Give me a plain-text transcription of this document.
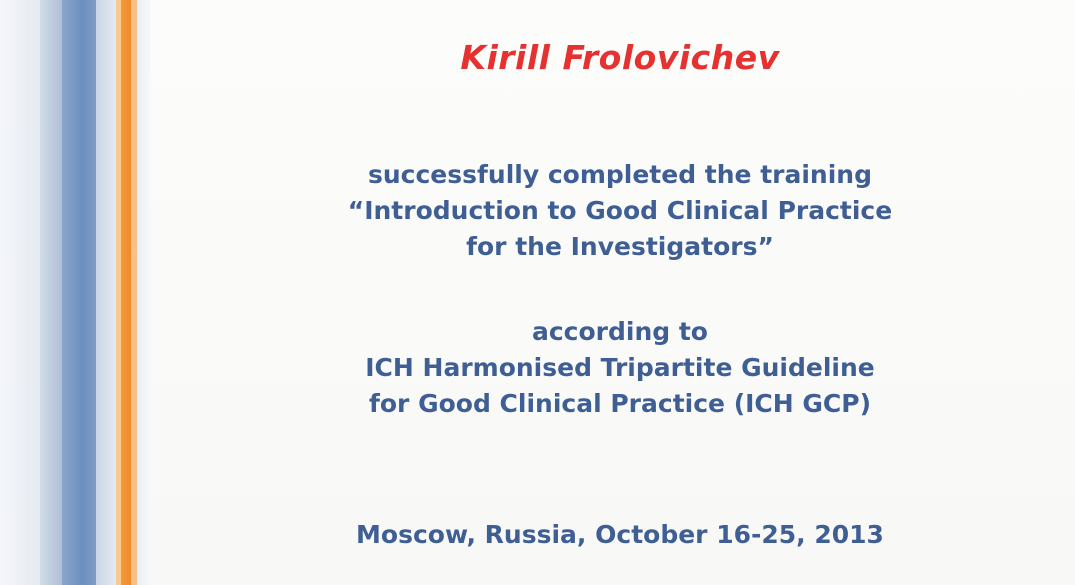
Kirill Frolovichev

successfully completed the training

“Introduction to Good Clinical Practice

for the Investigators”

according to

ICH Harmonised Tripartite Guideline

for Good Clinical Practice (ICH GCP)

Moscow, Russia, October 16-25, 2013
